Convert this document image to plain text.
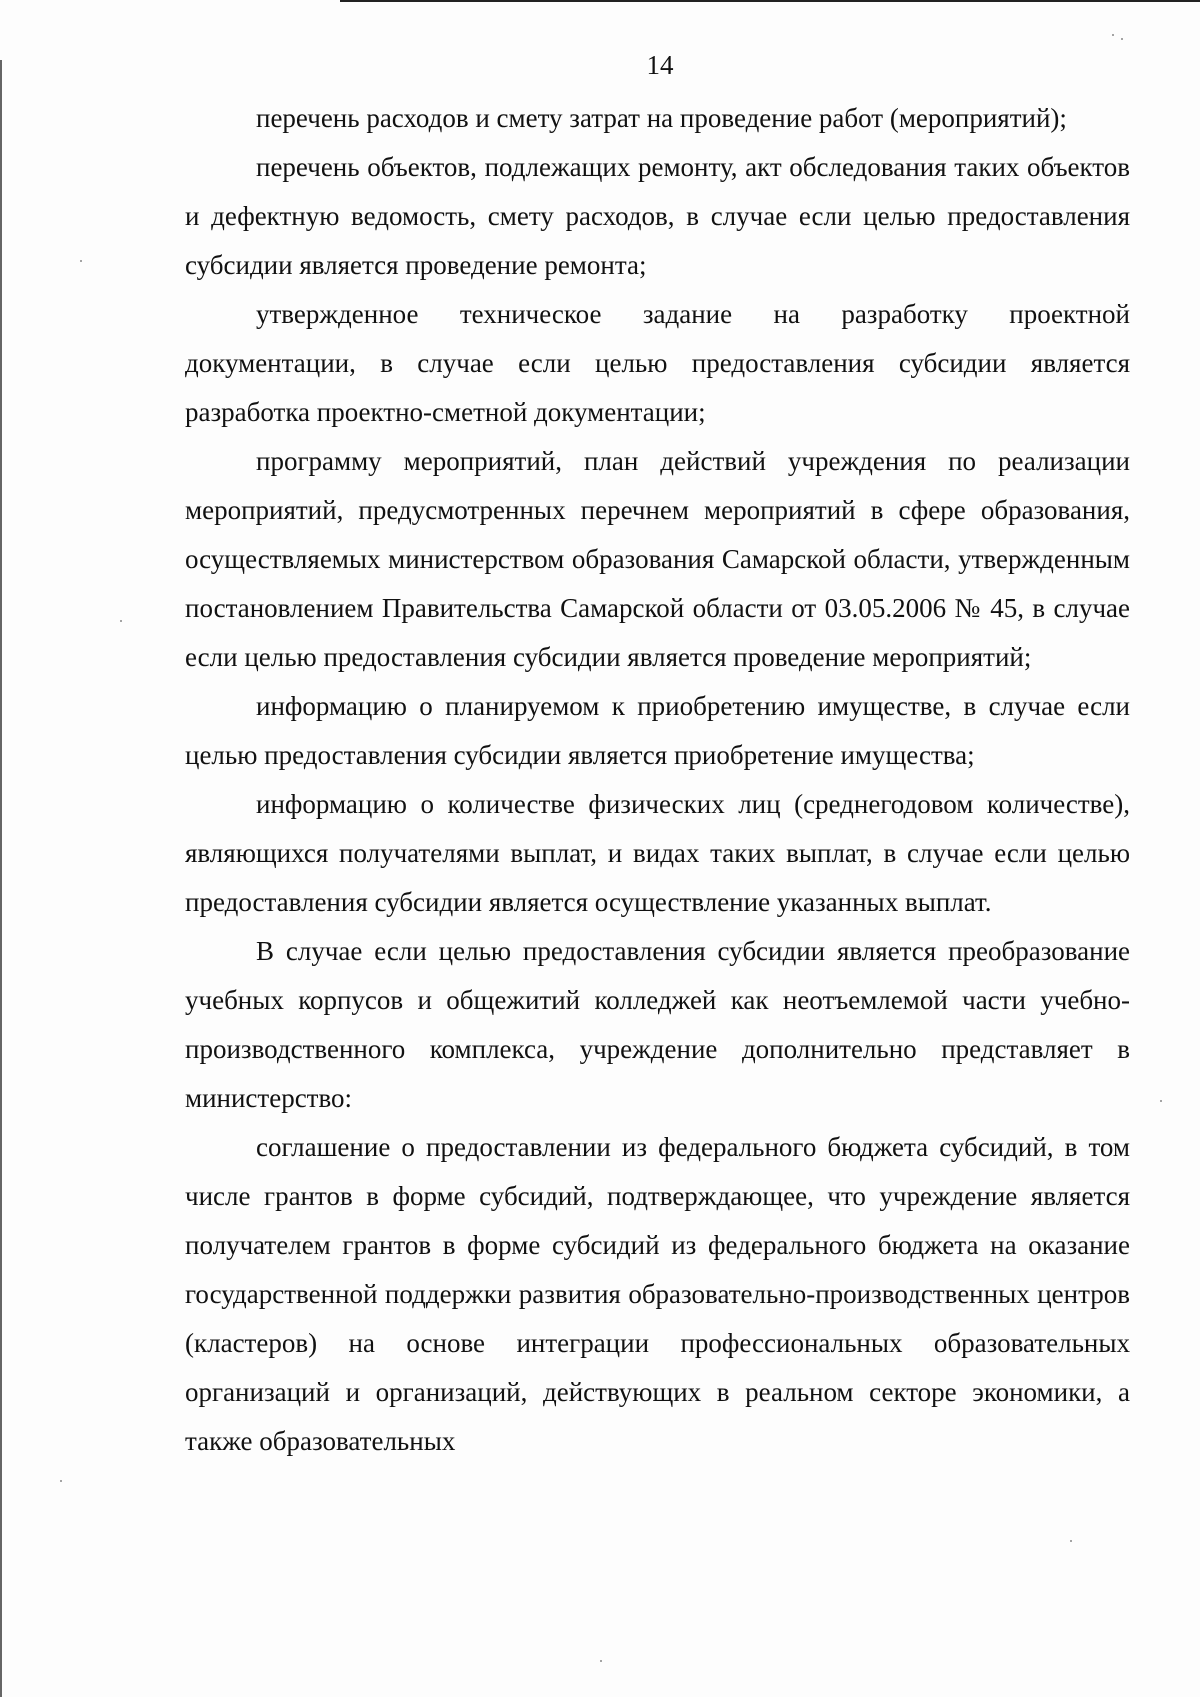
14

перечень расходов и смету затрат на проведение работ (мероприятий);

перечень объектов, подлежащих ремонту, акт обследования таких объектов и дефектную ведомость, смету расходов, в случае если целью предоставления субсидии является проведение ремонта;

утвержденное техническое задание на разработку проектной документации, в случае если целью предоставления субсидии является разработка проектно-сметной документации;

программу мероприятий, план действий учреждения по реализации мероприятий, предусмотренных перечнем мероприятий в сфере образования, осуществляемых министерством образования Самарской области, утвержденным постановлением Правительства Самарской области от 03.05.2006 № 45, в случае если целью предоставления субсидии является проведение мероприятий;

информацию о планируемом к приобретению имуществе, в случае если целью предоставления субсидии является приобретение имущества;

информацию о количестве физических лиц (среднегодовом количестве), являющихся получателями выплат, и видах таких выплат, в случае если целью предоставления субсидии является осуществление указанных выплат.

В случае если целью предоставления субсидии является преобразование учебных корпусов и общежитий колледжей как неотъемлемой части учебно-производственного комплекса, учреждение дополнительно представляет в министерство:

соглашение о предоставлении из федерального бюджета субсидий, в том числе грантов в форме субсидий, подтверждающее, что учреждение является получателем грантов в форме субсидий из федерального бюджета на оказание государственной поддержки развития образовательно-производственных центров (кластеров) на основе интеграции профессиональных образовательных организаций и организаций, действующих в реальном секторе экономики, а также образовательных
